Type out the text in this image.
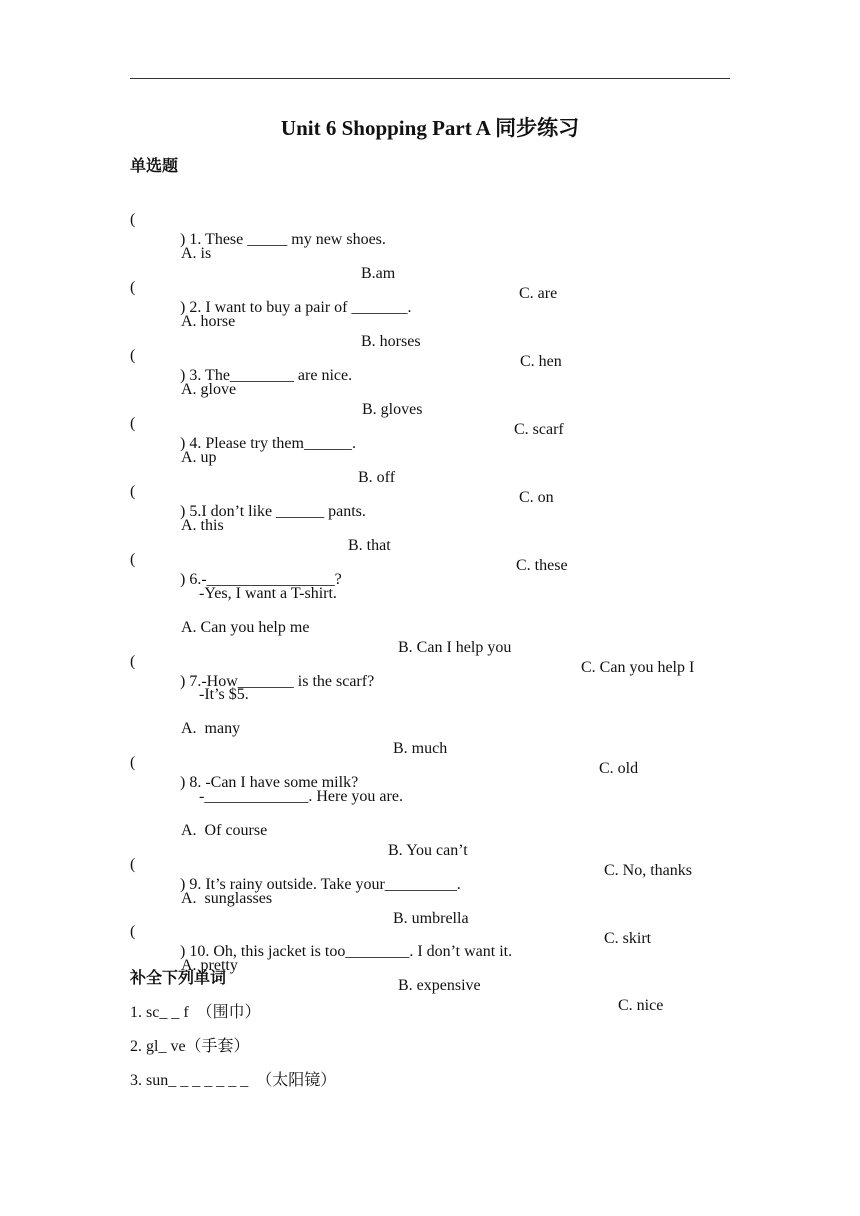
Unit 6 Shopping Part A 同步练习
单选题

(

) 1. These _____ my new shoes.

A. is

B.am

C. are

(

) 2. I want to buy a pair of _______.

A. horse

B. horses

C. hen

(

) 3. The________ are nice.

A. glove

B. gloves

C. scarf

(

) 4. Please try them______.

A. up

B. off

C. on

(

) 5.I don’t like ______ pants.

A. this

B. that

C. these

(

) 6.-________________?

-Yes, I want a T-shirt.

A. Can you help me

B. Can I help you

C. Can you help I

(

) 7.-How_______ is the scarf?

-It’s $5.

A.  many

B. much

C. old

(

) 8. -Can I have some milk?

-_____________. Here you are.

A.  Of course

B. You can’t

C. No, thanks

(

) 9. It’s rainy outside. Take your_________.

A.  sunglasses

B. umbrella

C. skirt

(

) 10. Oh, this jacket is too________. I don’t want it.

A. pretty

B. expensive

C. nice

补全下列单词
1. sc_ _ f  （围巾）
2. gl_ ve（手套）
3. sun_ _ _ _ _ _ _  （太阳镜）
